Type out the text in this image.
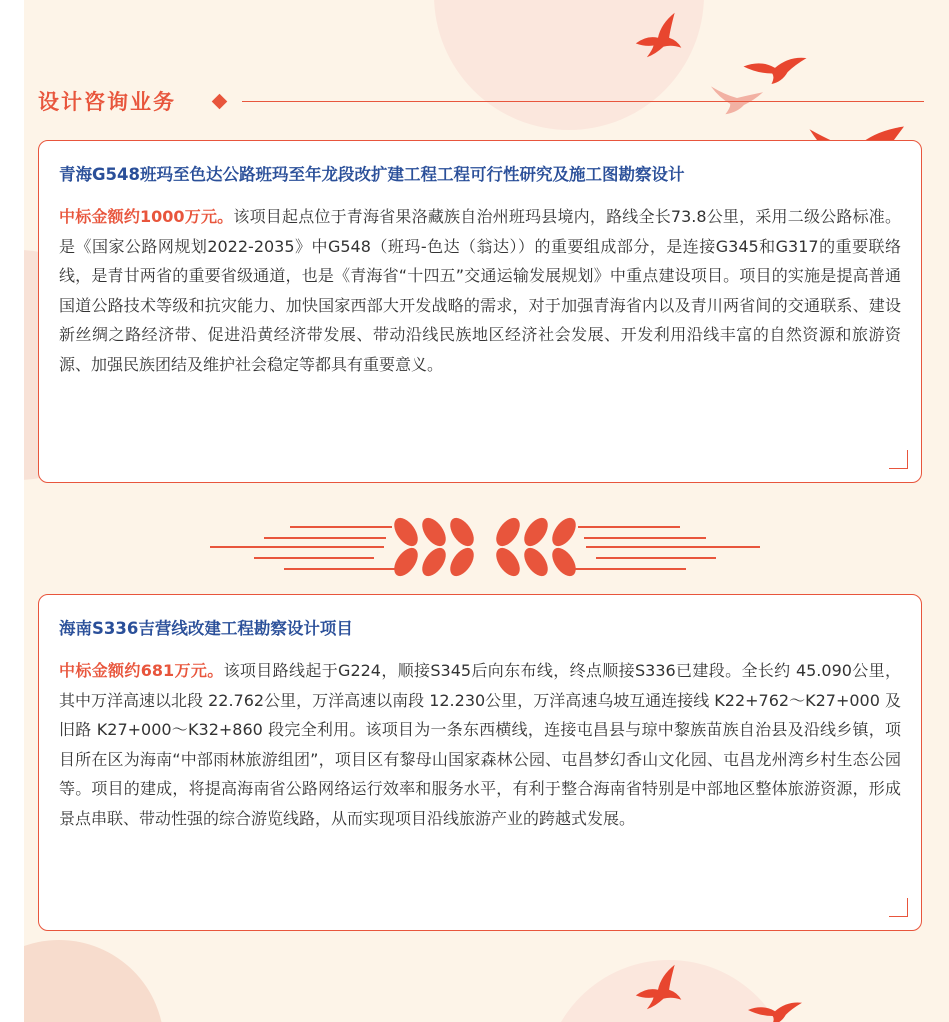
设计咨询业务
青海G548班玛至色达公路班玛至年龙段改扩建工程工程可行性研究及施工图勘察设计
中标金额约1000万元。该项目起点位于青海省果洛藏族自治州班玛县境内，路线全长73.8公里，采用二级公路标准。是《国家公路网规划2022-2035》中G548（班玛-色达（翁达））的重要组成部分，是连接G345和G317的重要联络线，是青甘两省的重要省级通道，也是《青海省“十四五”交通运输发展规划》中重点建设项目。项目的实施是提高普通国道公路技术等级和抗灾能力、加快国家西部大开发战略的需求，对于加强青海省内以及青川两省间的交通联系、建设新丝绸之路经济带、促进沿黄经济带发展、带动沿线民族地区经济社会发展、开发利用沿线丰富的自然资源和旅游资源、加强民族团结及维护社会稳定等都具有重要意义。
海南S336吉营线改建工程勘察设计项目
中标金额约681万元。该项目路线起于G224，顺接S345后向东布线，终点顺接S336已建段。全长约 45.090公里，其中万洋高速以北段 22.762公里，万洋高速以南段 12.230公里，万洋高速乌坡互通连接线 K22+762～K27+000 及旧路 K27+000～K32+860 段完全利用。该项目为一条东西横线，连接屯昌县与琼中黎族苗族自治县及沿线乡镇，项目所在区为海南“中部雨林旅游组团”，项目区有黎母山国家森林公园、屯昌梦幻香山文化园、屯昌龙州湾乡村生态公园等。项目的建成，将提高海南省公路网络运行效率和服务水平，有利于整合海南省特别是中部地区整体旅游资源，形成景点串联、带动性强的综合游览线路，从而实现项目沿线旅游产业的跨越式发展。
